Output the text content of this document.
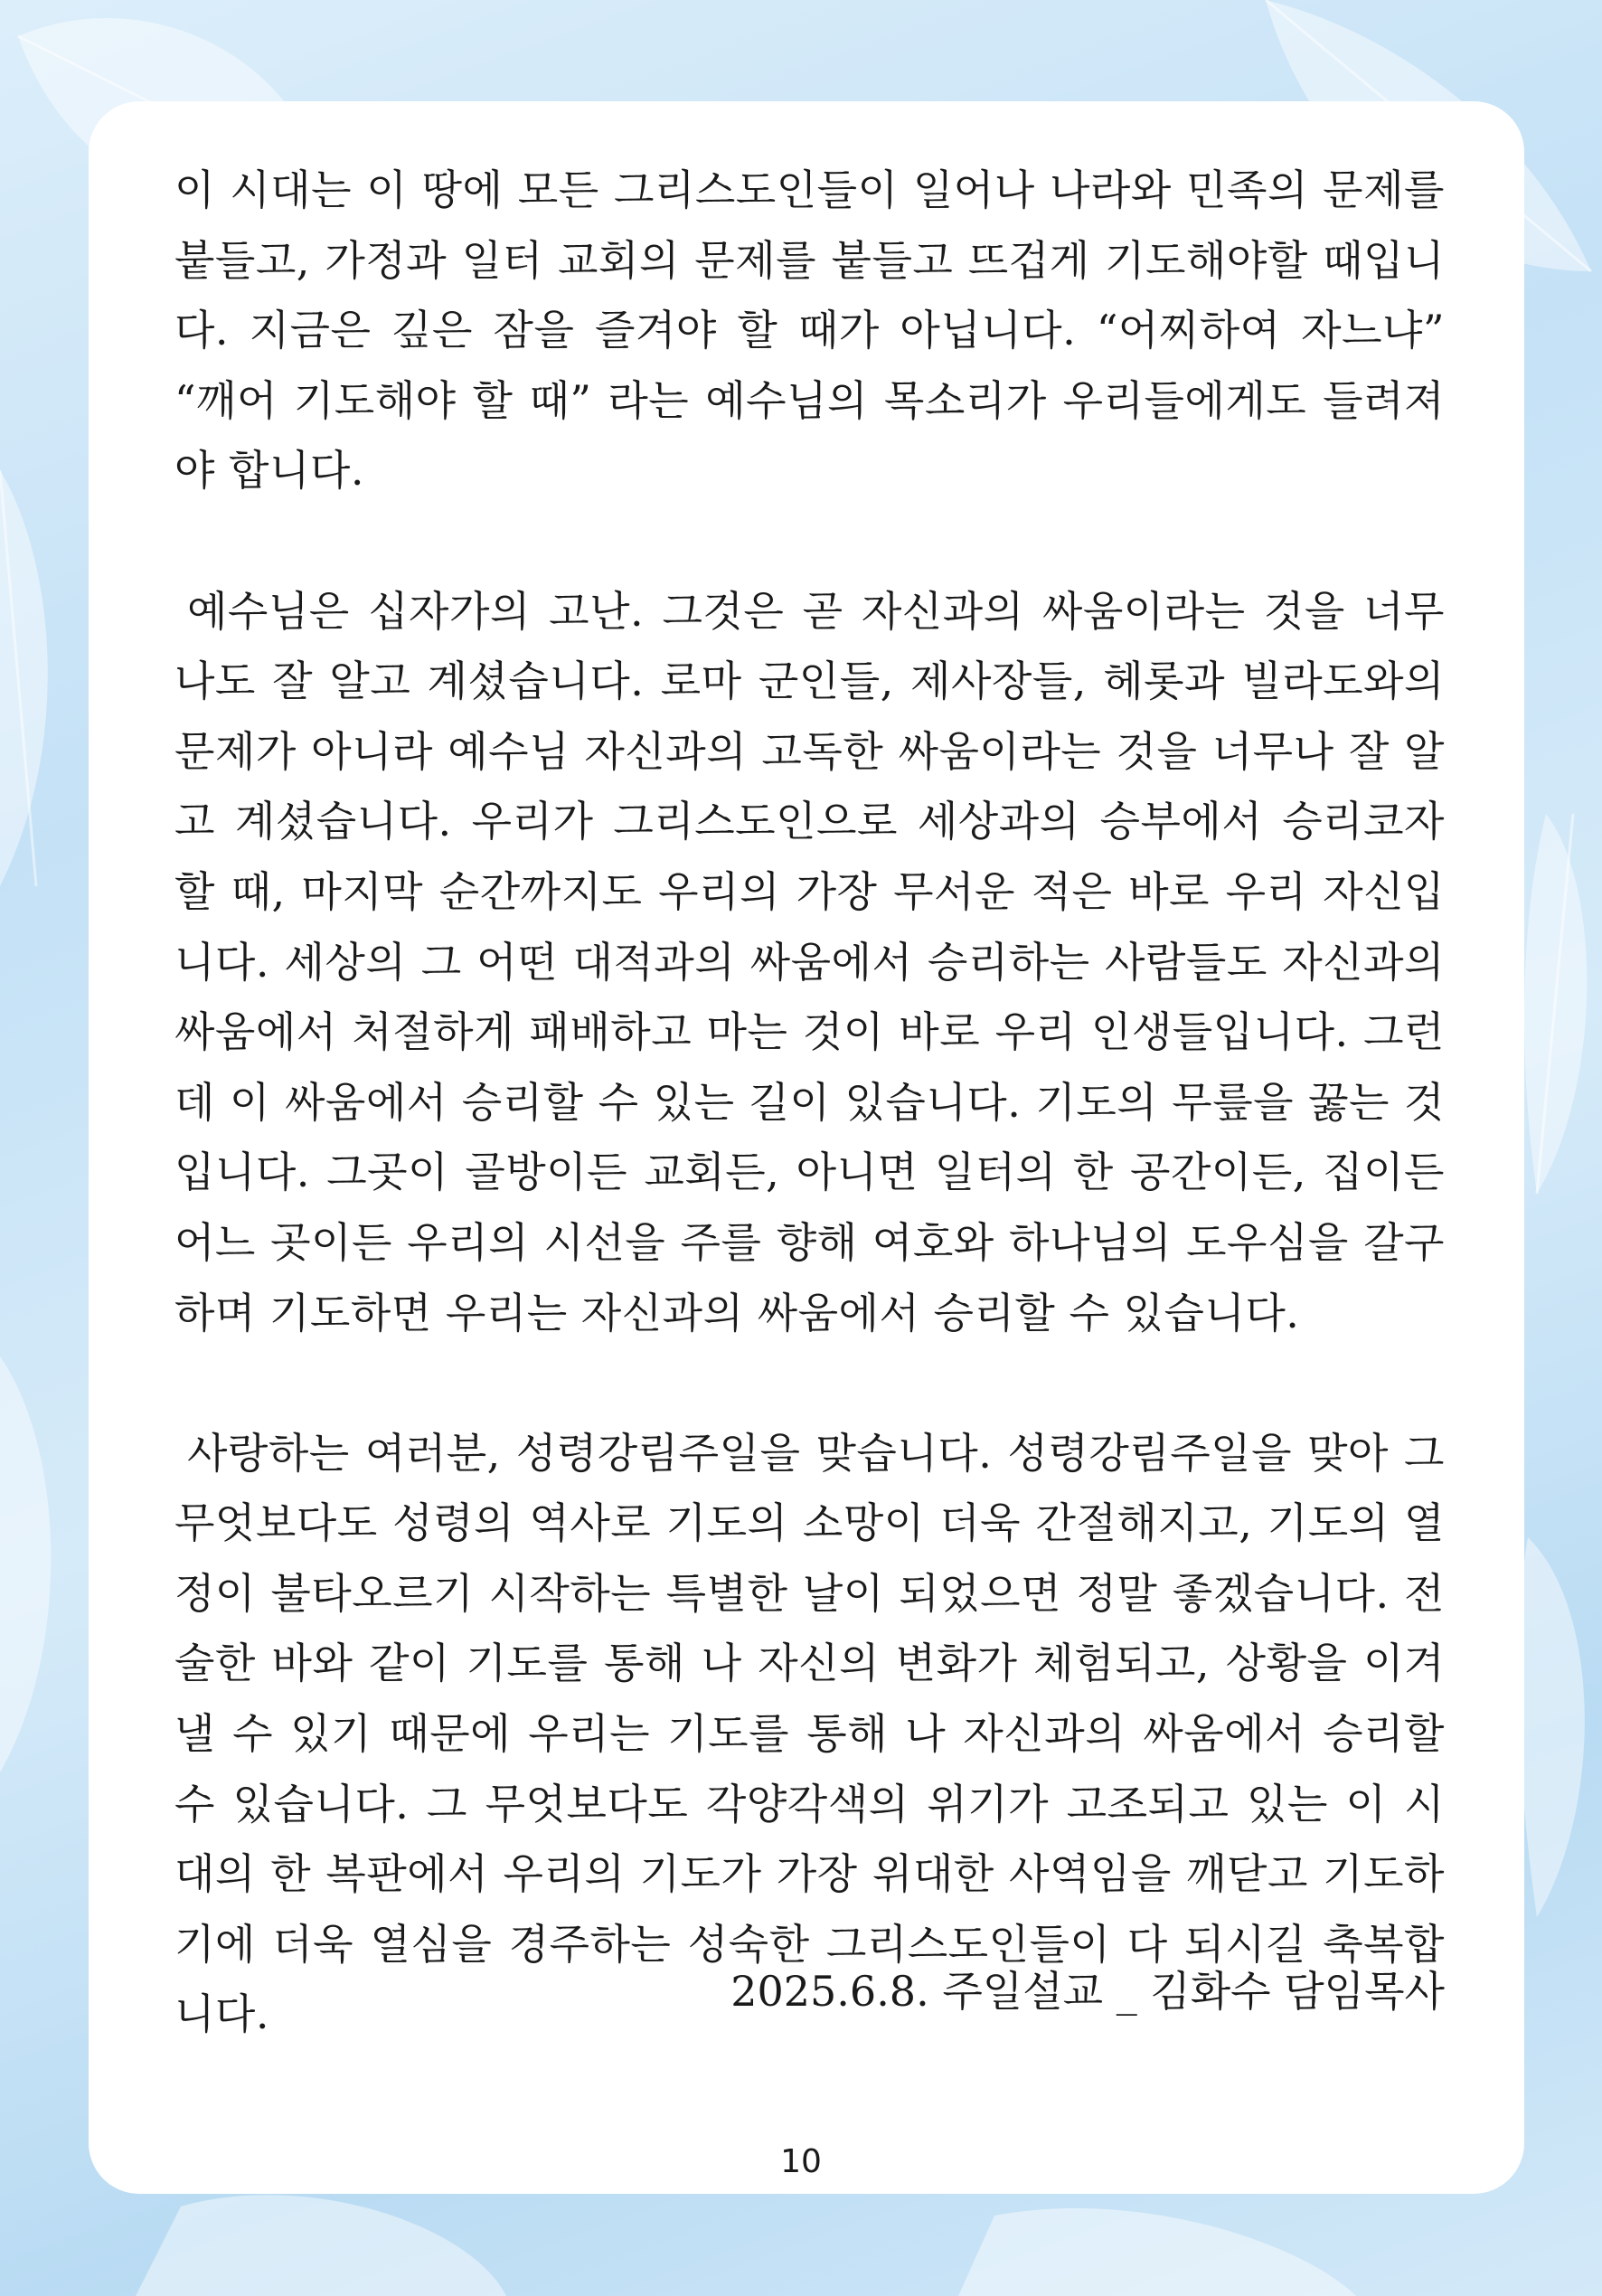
이 시대는 이 땅에 모든 그리스도인들이 일어나 나라와 민족의 문제를 붙들고, 가정과 일터 교회의 문제를 붙들고 뜨겁게 기도해야할 때입니다. 지금은 깊은 잠을 즐겨야 할 때가 아닙니다. “어찌하여 자느냐” “깨어 기도해야 할 때” 라는 예수님의 목소리가 우리들에게도 들려져야 합니다.

예수님은 십자가의 고난. 그것은 곧 자신과의 싸움이라는 것을 너무나도 잘 알고 계셨습니다. 로마 군인들, 제사장들, 헤롯과 빌라도와의 문제가 아니라 예수님 자신과의 고독한 싸움이라는 것을 너무나 잘 알고 계셨습니다. 우리가 그리스도인으로 세상과의 승부에서 승리코자 할 때, 마지막 순간까지도 우리의 가장 무서운 적은 바로 우리 자신입니다. 세상의 그 어떤 대적과의 싸움에서 승리하는 사람들도 자신과의 싸움에서 처절하게 패배하고 마는 것이 바로 우리 인생들입니다. 그런데 이 싸움에서 승리할 수 있는 길이 있습니다. 기도의 무릎을 꿇는 것입니다. 그곳이 골방이든 교회든, 아니면 일터의 한 공간이든, 집이든 어느 곳이든 우리의 시선을 주를 향해 여호와 하나님의 도우심을 갈구하며 기도하면 우리는 자신과의 싸움에서 승리할 수 있습니다.

사랑하는 여러분, 성령강림주일을 맞습니다. 성령강림주일을 맞아 그 무엇보다도 성령의 역사로 기도의 소망이 더욱 간절해지고, 기도의 열정이 불타오르기 시작하는 특별한 날이 되었으면 정말 좋겠습니다. 전술한 바와 같이 기도를 통해 나 자신의 변화가 체험되고, 상황을 이겨낼 수 있기 때문에 우리는 기도를 통해 나 자신과의 싸움에서 승리할 수 있습니다. 그 무엇보다도 각양각색의 위기가 고조되고 있는 이 시대의 한 복판에서 우리의 기도가 가장 위대한 사역임을 깨닫고 기도하기에 더욱 열심을 경주하는 성숙한 그리스도인들이 다 되시길 축복합니다.	2025.6.8. 주일설교 _ 김화수 담임목사
10
